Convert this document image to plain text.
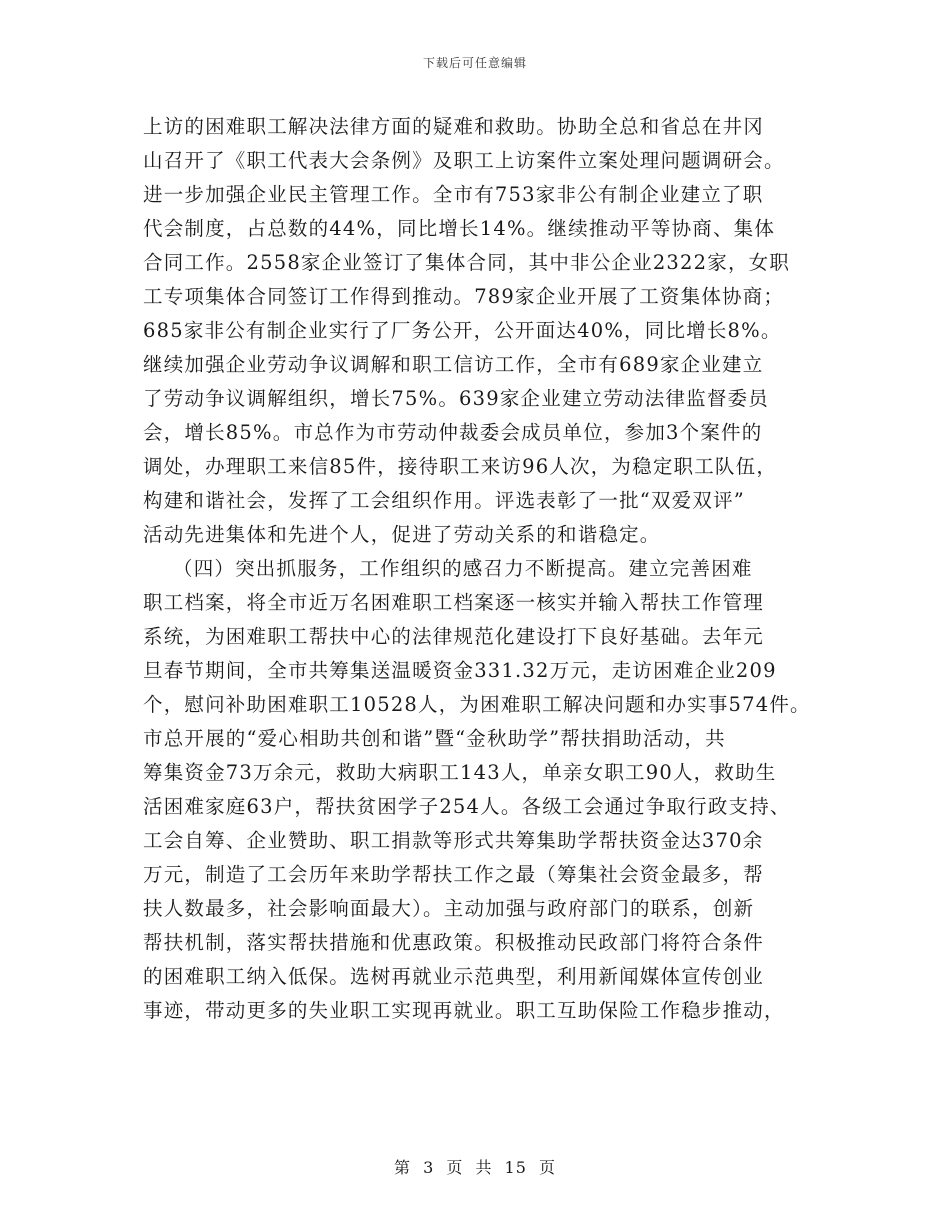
下载后可任意编辑
上访的困难职工解决法律方面的疑难和救助。协助全总和省总在井冈
山召开了《职工代表大会条例》及职工上访案件立案处理问题调研会。
进一步加强企业民主管理工作。全市有753家非公有制企业建立了职
代会制度，占总数的44%，同比增长14%。继续推动平等协商、集体
合同工作。2558家企业签订了集体合同，其中非公企业2322家，女职
工专项集体合同签订工作得到推动。789家企业开展了工资集体协商；
685家非公有制企业实行了厂务公开，公开面达40%，同比增长8%。
继续加强企业劳动争议调解和职工信访工作，全市有689家企业建立
了劳动争议调解组织，增长75%。639家企业建立劳动法律监督委员
会，增长85%。市总作为市劳动仲裁委会成员单位，参加3个案件的
调处，办理职工来信85件，接待职工来访96人次，为稳定职工队伍，
构建和谐社会，发挥了工会组织作用。评选表彰了一批“双爱双评”
活动先进集体和先进个人，促进了劳动关系的和谐稳定。
（四）突出抓服务，工作组织的感召力不断提高。建立完善困难
职工档案，将全市近万名困难职工档案逐一核实并输入帮扶工作管理
系统，为困难职工帮扶中心的法律规范化建设打下良好基础。去年元
旦春节期间，全市共筹集送温暖资金331.32万元，走访困难企业209
个，慰问补助困难职工10528人，为困难职工解决问题和办实事574件。
市总开展的“爱心相助共创和谐”暨“金秋助学”帮扶捐助活动，共
筹集资金73万余元，救助大病职工143人，单亲女职工90人，救助生
活困难家庭63户，帮扶贫困学子254人。各级工会通过争取行政支持、
工会自筹、企业赞助、职工捐款等形式共筹集助学帮扶资金达370余
万元，制造了工会历年来助学帮扶工作之最（筹集社会资金最多，帮
扶人数最多，社会影响面最大）。主动加强与政府部门的联系，创新
帮扶机制，落实帮扶措施和优惠政策。积极推动民政部门将符合条件
的困难职工纳入低保。选树再就业示范典型，利用新闻媒体宣传创业
事迹，带动更多的失业职工实现再就业。职工互助保险工作稳步推动，
第 3 页 共 15 页
